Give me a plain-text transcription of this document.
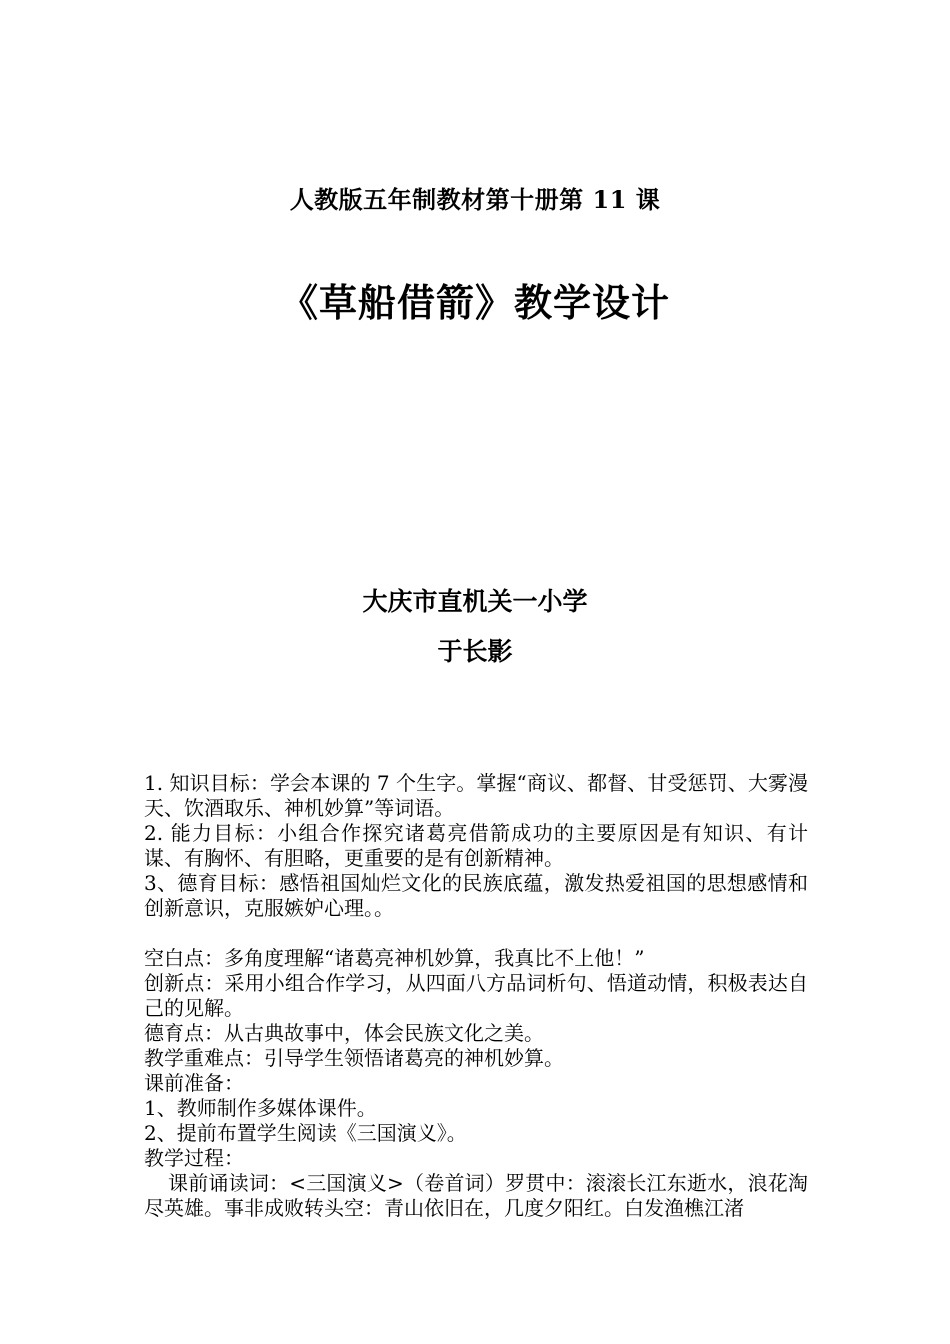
人教版五年制教材第十册第 11 课
《草船借箭》教学设计
大庆市直机关一小学
于长影

1. 知识目标：学会本课的 7 个生字。掌握“商议、都督、甘受惩罚、大雾漫天、饮酒取乐、神机妙算”等词语。

2. 能力目标：小组合作探究诸葛亮借箭成功的主要原因是有知识、有计谋、有胸怀、有胆略，更重要的是有创新精神。

3、德育目标：感悟祖国灿烂文化的民族底蕴，激发热爱祖国的思想感情和创新意识，克服嫉妒心理。。

空白点：多角度理解“诸葛亮神机妙算，我真比不上他！”

创新点：采用小组合作学习，从四面八方品词析句、悟道动情，积极表达自己的见解。

德育点：从古典故事中，体会民族文化之美。

教学重难点：引导学生领悟诸葛亮的神机妙算。

课前准备：

1、教师制作多媒体课件。

2、提前布置学生阅读《三国演义》。

教学过程：

课前诵读词：<三国演义>（卷首词）罗贯中：滚滚长江东逝水，浪花淘尽英雄。事非成败转头空：青山依旧在，几度夕阳红。白发渔樵江渚
